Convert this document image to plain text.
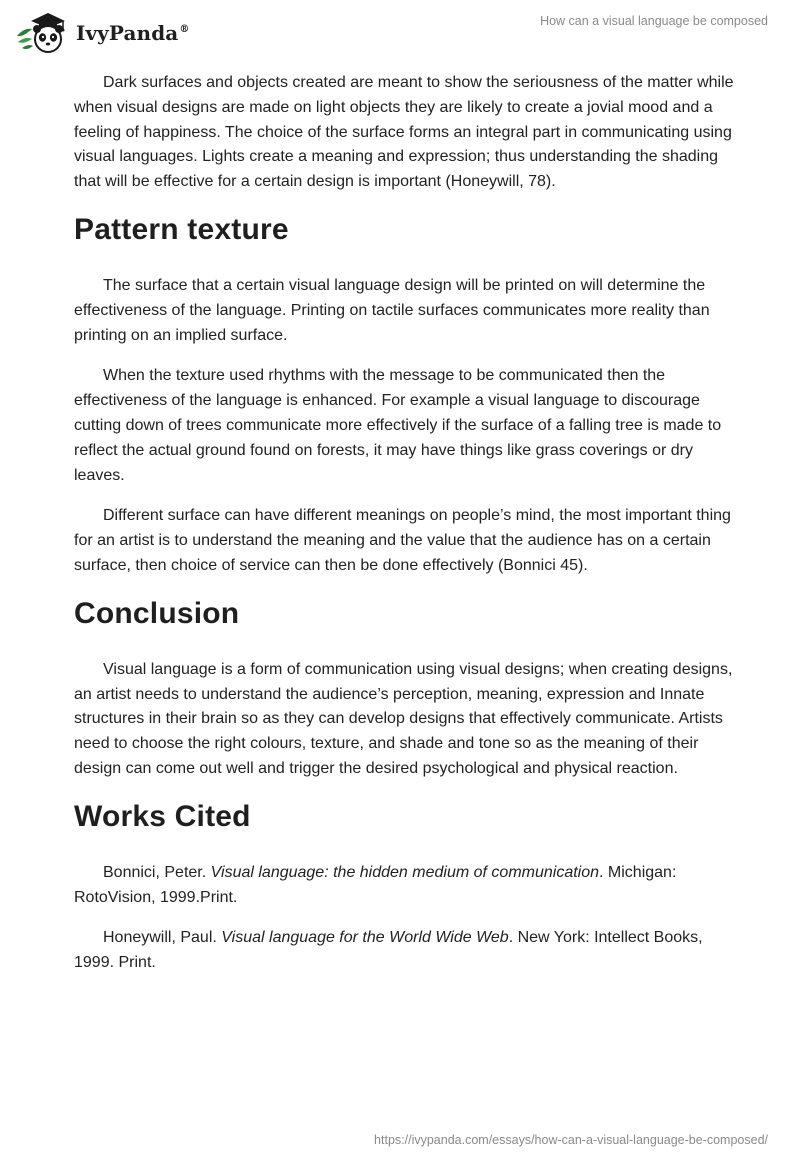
IvyPanda®
How can a visual language be composed

Dark surfaces and objects created are meant to show the seriousness of the matter while when visual designs are made on light objects they are likely to create a jovial mood and a feeling of happiness. The choice of the surface forms an integral part in communicating using visual languages. Lights create a meaning and expression; thus understanding the shading that will be effective for a certain design is important (Honeywill, 78).

Pattern texture

The surface that a certain visual language design will be printed on will determine the effectiveness of the language. Printing on tactile surfaces communicates more reality than printing on an implied surface.

When the texture used rhythms with the message to be communicated then the effectiveness of the language is enhanced. For example a visual language to discourage cutting down of trees communicate more effectively if the surface of a falling tree is made to reflect the actual ground found on forests, it may have things like grass coverings or dry leaves.

Different surface can have different meanings on people’s mind, the most important thing for an artist is to understand the meaning and the value that the audience has on a certain surface, then choice of service can then be done effectively (Bonnici 45).

Conclusion

Visual language is a form of communication using visual designs; when creating designs, an artist needs to understand the audience’s perception, meaning, expression and Innate structures in their brain so as they can develop designs that effectively communicate. Artists need to choose the right colours, texture, and shade and tone so as the meaning of their design can come out well and trigger the desired psychological and physical reaction.

Works Cited

Bonnici, Peter. Visual language: the hidden medium of communication. Michigan: RotoVision, 1999.Print.

Honeywill, Paul. Visual language for the World Wide Web. New York: Intellect Books, 1999. Print.

https://ivypanda.com/essays/how-can-a-visual-language-be-composed/
